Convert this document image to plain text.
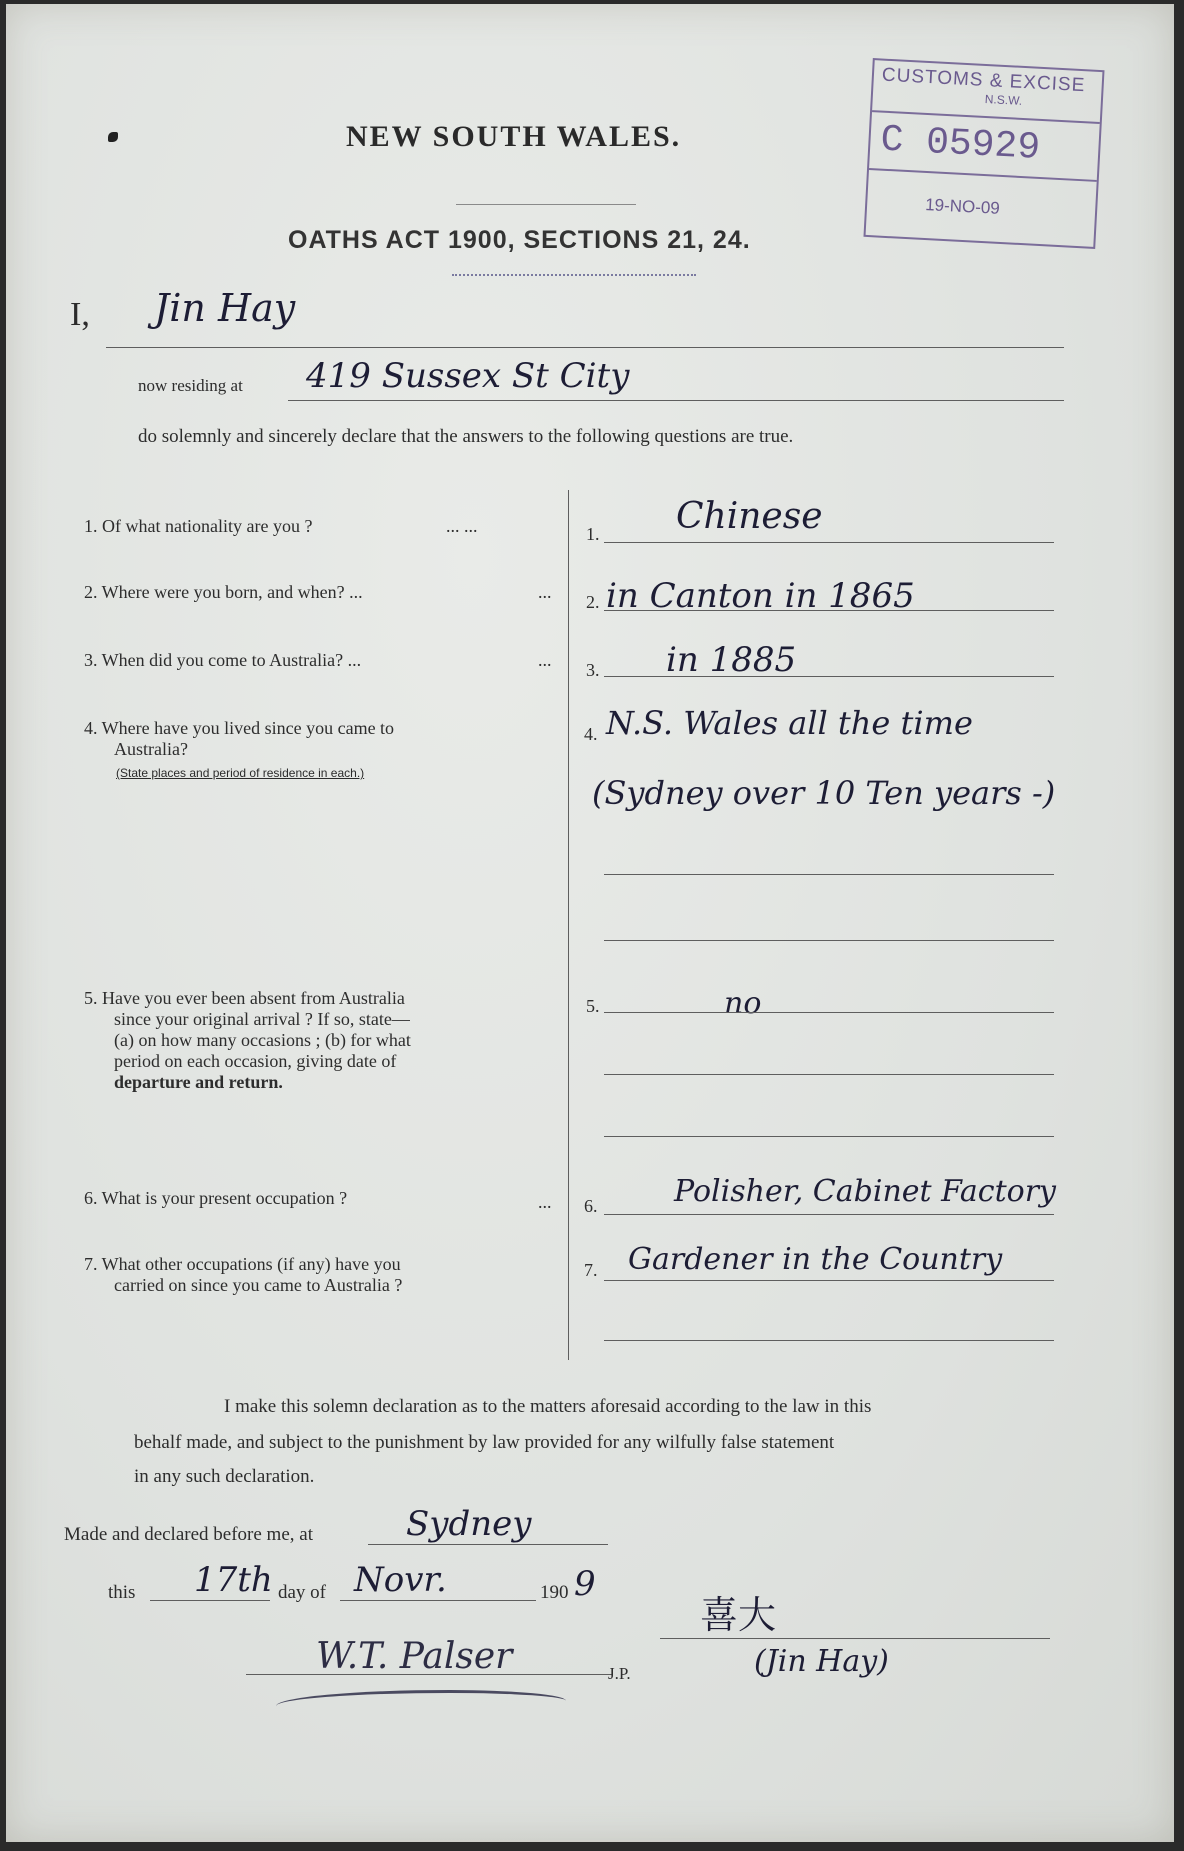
NEW SOUTH WALES.
OATHS ACT 1900, SECTIONS 21, 24.
CUSTOMS & EXCISE
N.S.W.
C 05929
19-NO-09
I, Jin Hay
now residing at 419 Sussex St City
do solemnly and sincerely declare that the answers to the following questions are true.
1. Of what nationality are you ?	... ...	1. Chinese
2. Where were you born, and when? ...	... 2. in Canton in 1865
3. When did you come to Australia? ...	... 3. in 1885
4. Where have you lived since you came to
Australia?
(State places and period of residence in each.)
4. N.S. Wales all the time
(Sydney over 10 Ten years -)
5. Have you ever been absent from Australia
since your original arrival ? If so, state—
(a) on how many occasions ; (b) for what
period on each occasion, giving date of
departure and return.
5.	no
6. What is your present occupation ?	... 6.	Polisher, Cabinet Factory
7. What other occupations (if any) have you
carried on since you came to Australia ?
7. Gardener in the Country
I make this solemn declaration as to the matters aforesaid according to the law in this
behalf made, and subject to the punishment by law provided for any wilfully false statement
in any such declaration.
Made and declared before me, at	Sydney
this 17th day of Novr.	190 9
W.T. Palser	J.P.
喜大
(Jin Hay)
